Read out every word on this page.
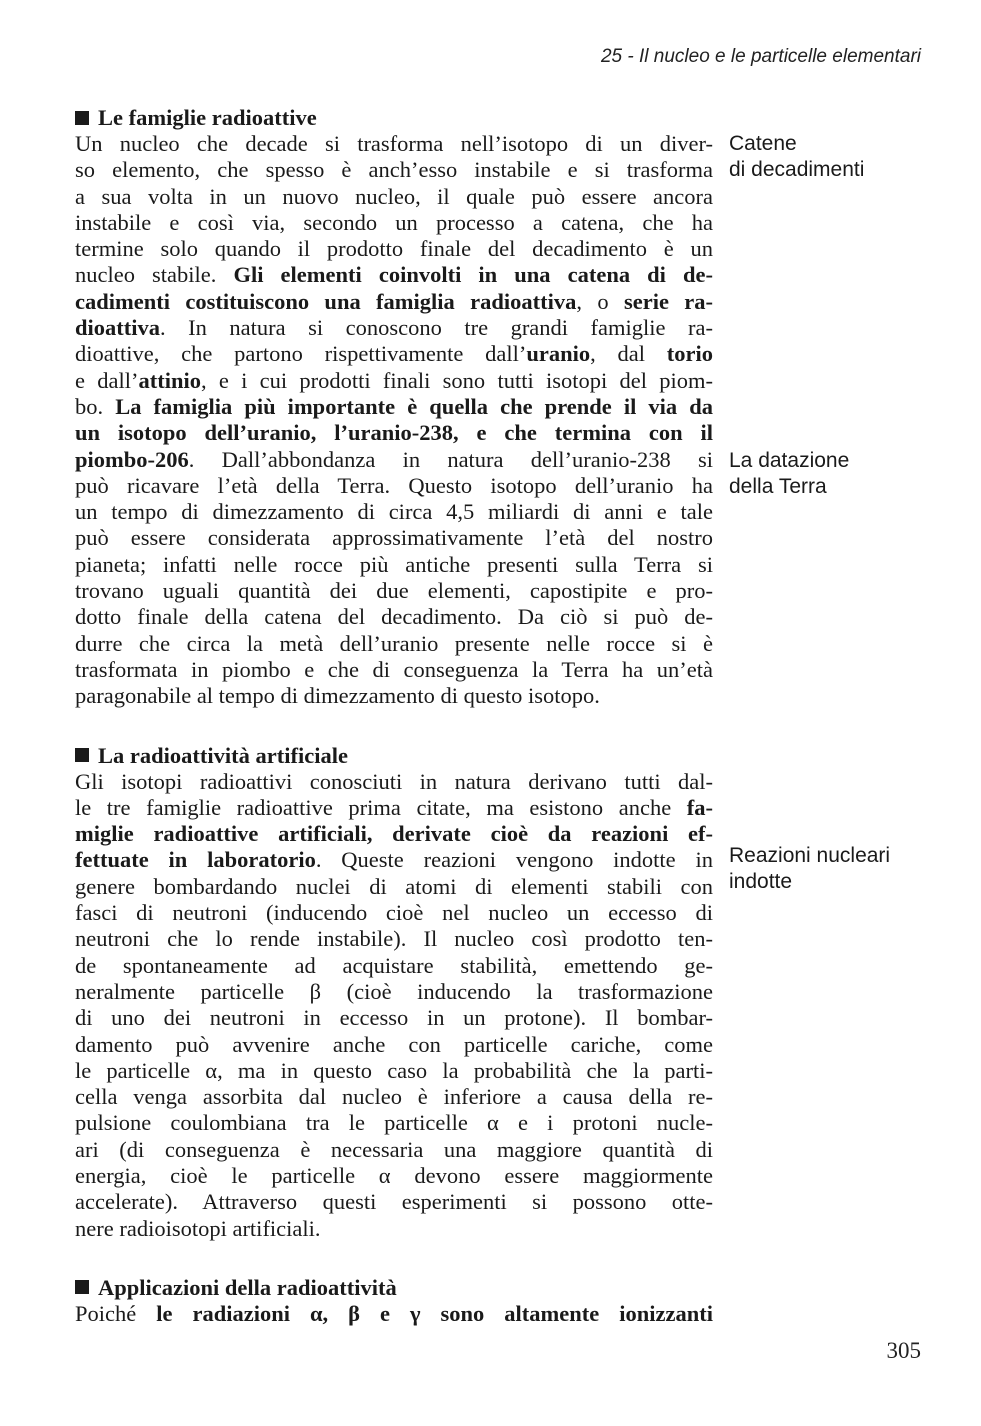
25 - Il nucleo e le particelle elementari
Catene
di decadimenti
La datazione
della Terra
Reazioni nucleari
indotte
Le famiglie radioattive
Un nucleo che decade si trasforma nell’isotopo di un diver-
so elemento, che spesso è anch’esso instabile e si trasforma
a sua volta in un nuovo nucleo, il quale può essere ancora
instabile e così via, secondo un processo a catena, che ha
termine solo quando il prodotto finale del decadimento è un
nucleo stabile. Gli elementi coinvolti in una catena di de-
cadimenti costituiscono una famiglia radioattiva, o serie ra-
dioattiva. In natura si conoscono tre grandi famiglie ra-
dioattive, che partono rispettivamente dall’uranio, dal torio
e dall’attinio, e i cui prodotti finali sono tutti isotopi del piom-
bo. La famiglia più importante è quella che prende il via da
un isotopo dell’uranio, l’uranio-238, e che termina con il
piombo-206. Dall’abbondanza in natura dell’uranio-238 si
può ricavare l’età della Terra. Questo isotopo dell’uranio ha
un tempo di dimezzamento di circa 4,5 miliardi di anni e tale
può essere considerata approssimativamente l’età del nostro
pianeta; infatti nelle rocce più antiche presenti sulla Terra si
trovano uguali quantità dei due elementi, capostipite e pro-
dotto finale della catena del decadimento. Da ciò si può de-
durre che circa la metà dell’uranio presente nelle rocce si è
trasformata in piombo e che di conseguenza la Terra ha un’età
paragonabile al tempo di dimezzamento di questo isotopo.
La radioattività artificiale
Gli isotopi radioattivi conosciuti in natura derivano tutti dal-
le tre famiglie radioattive prima citate, ma esistono anche fa-
miglie radioattive artificiali, derivate cioè da reazioni ef-
fettuate in laboratorio. Queste reazioni vengono indotte in
genere bombardando nuclei di atomi di elementi stabili con
fasci di neutroni (inducendo cioè nel nucleo un eccesso di
neutroni che lo rende instabile). Il nucleo così prodotto ten-
de spontaneamente ad acquistare stabilità, emettendo ge-
neralmente particelle β (cioè inducendo la trasformazione
di uno dei neutroni in eccesso in un protone). Il bombar-
damento può avvenire anche con particelle cariche, come
le particelle α, ma in questo caso la probabilità che la parti-
cella venga assorbita dal nucleo è inferiore a causa della re-
pulsione coulombiana tra le particelle α e i protoni nucle-
ari (di conseguenza è necessaria una maggiore quantità di
energia, cioè le particelle α devono essere maggiormente
accelerate). Attraverso questi esperimenti si possono otte-
nere radioisotopi artificiali.
Applicazioni della radioattività
Poiché le radiazioni α, β e γ sono altamente ionizzanti
305
